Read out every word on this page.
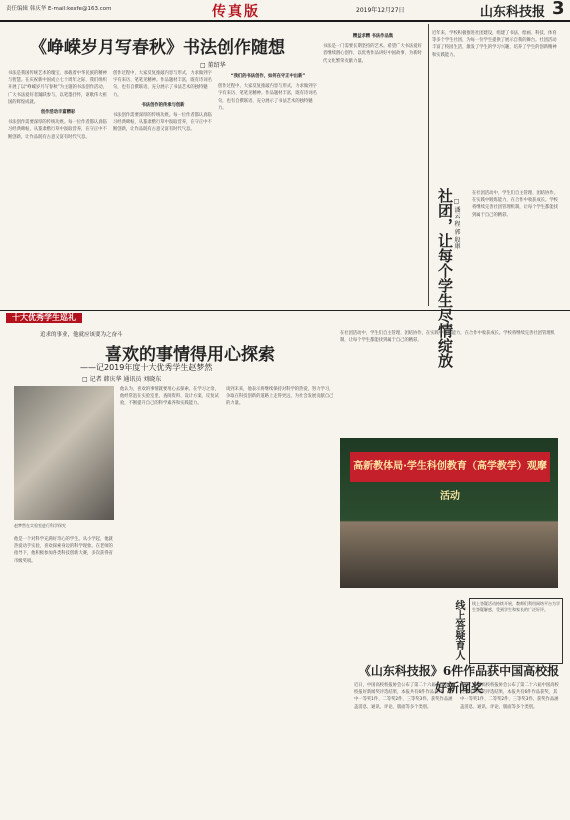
责任编辑 韩庆华 E-mail:kexfe@163.com	传真版	2019年12月27日	山东科技报 3
《峥嵘岁月写春秋》书法创作随想
□ 董绍华
书法是我国传统艺术的瑰宝，承载着中华民族的精神与智慧。在庆祝新中国成立七十周年之际，我们组织开展了以“峥嵘岁月写春秋”为主题的书法创作活动，广大书法爱好者踊跃参与，以笔墨抒怀，讴歌伟大祖国的辉煌成就。
创作活动丰富精彩
书法创作需要深厚的传统功底。每一位作者都认真临习经典碑帖，从篆隶楷行草中汲取营养，在守正中不断创新，让作品既有古意又富有时代气息。
创作过程中，大家反复推敲内容与形式，力求做到字字有来历、笔笔见精神。作品题材丰富，既有诗词名句，也有自撰联语，充分展示了书法艺术的独特魅力。
书法创作的传承与创新
书法创作需要深厚的传统功底。每一位作者都认真临习经典碑帖，从篆隶楷行草中汲取营养，在守正中不断创新，让作品既有古意又富有时代气息。
“我们的书法创作，如何在守正中出新”
创作过程中，大家反复推敲内容与形式，力求做到字字有来历、笔笔见精神。作品题材丰富，既有诗词名句，也有自撰联语，充分展示了书法艺术的独特魅力。
精益求精 书法作品集
书法是一门需要长期坚持的艺术。希望广大书法爱好者继续潜心创作，以优秀作品讲好中国故事，为新时代文化繁荣贡献力量。
近年来，学校积极推进社团建设，组建了书法、绘画、科技、体育等多个学生社团，为每一位学生提供了展示自我的舞台。社团活动丰富了校园生活，激发了学生的学习兴趣，培养了学生的创新精神和实践能力。
社团，让每个学生尽情绽放 □ 潘云 程 郭 殷康
在社团活动中，学生们自主管理、团结协作，在实践中锻炼能力，在合作中收获成长。学校将继续完善社团管理机制，让每个学生都能找到属于自己的精彩。
十大优秀学生巡礼
追求的事业，他就应该要为之奋斗
喜欢的事情得用心探索
——记2019年度十大优秀学生赵梦然
□ 记者 韩庆华 通讯员 刘晓东
赵梦然在实验室进行科学探究
他是一个对科学充满好奇心的学生。从小学起，他就热爱动手实验，喜欢探索身边的科学现象。在老师的指导下，他积极参加各类科技创新大赛，多次获得省市级奖项。
他认为，喜欢的事情就要用心去探索。在学习之余，他经常泡在实验室里，查阅资料、设计方案、反复试验，不断提升自己的科学素养和实践能力。
谈到未来，他表示将继续保持对科学的热爱，努力学习，争取在科技创新的道路上走得更远，为社会发展贡献自己的力量。
在社团活动中，学生们自主管理、团结协作，在实践中锻炼能力，在合作中收获成长。学校将继续完善社团管理机制，让每个学生都能找到属于自己的精彩。
高新教体局·学生科创教育（高学教学）观摩活动
线上答疑育人	线上答疑活动持续开展，教师们利用网络平台为学生答疑解惑，受到学生和家长的广泛好评。
《山东科技报》6件作品获中国高校报好新闻奖
近日，中国高校校报协会公布了第二十六届中国高校校报好新闻奖评选结果，本报共有6件作品获奖，其中一等奖1件、二等奖2件、三等奖3件。获奖作品涵盖消息、通讯、评论、版面等多个类别。
近日，中国高校校报协会公布了第二十六届中国高校校报好新闻奖评选结果，本报共有6件作品获奖，其中一等奖1件、二等奖2件、三等奖3件。获奖作品涵盖消息、通讯、评论、版面等多个类别。
